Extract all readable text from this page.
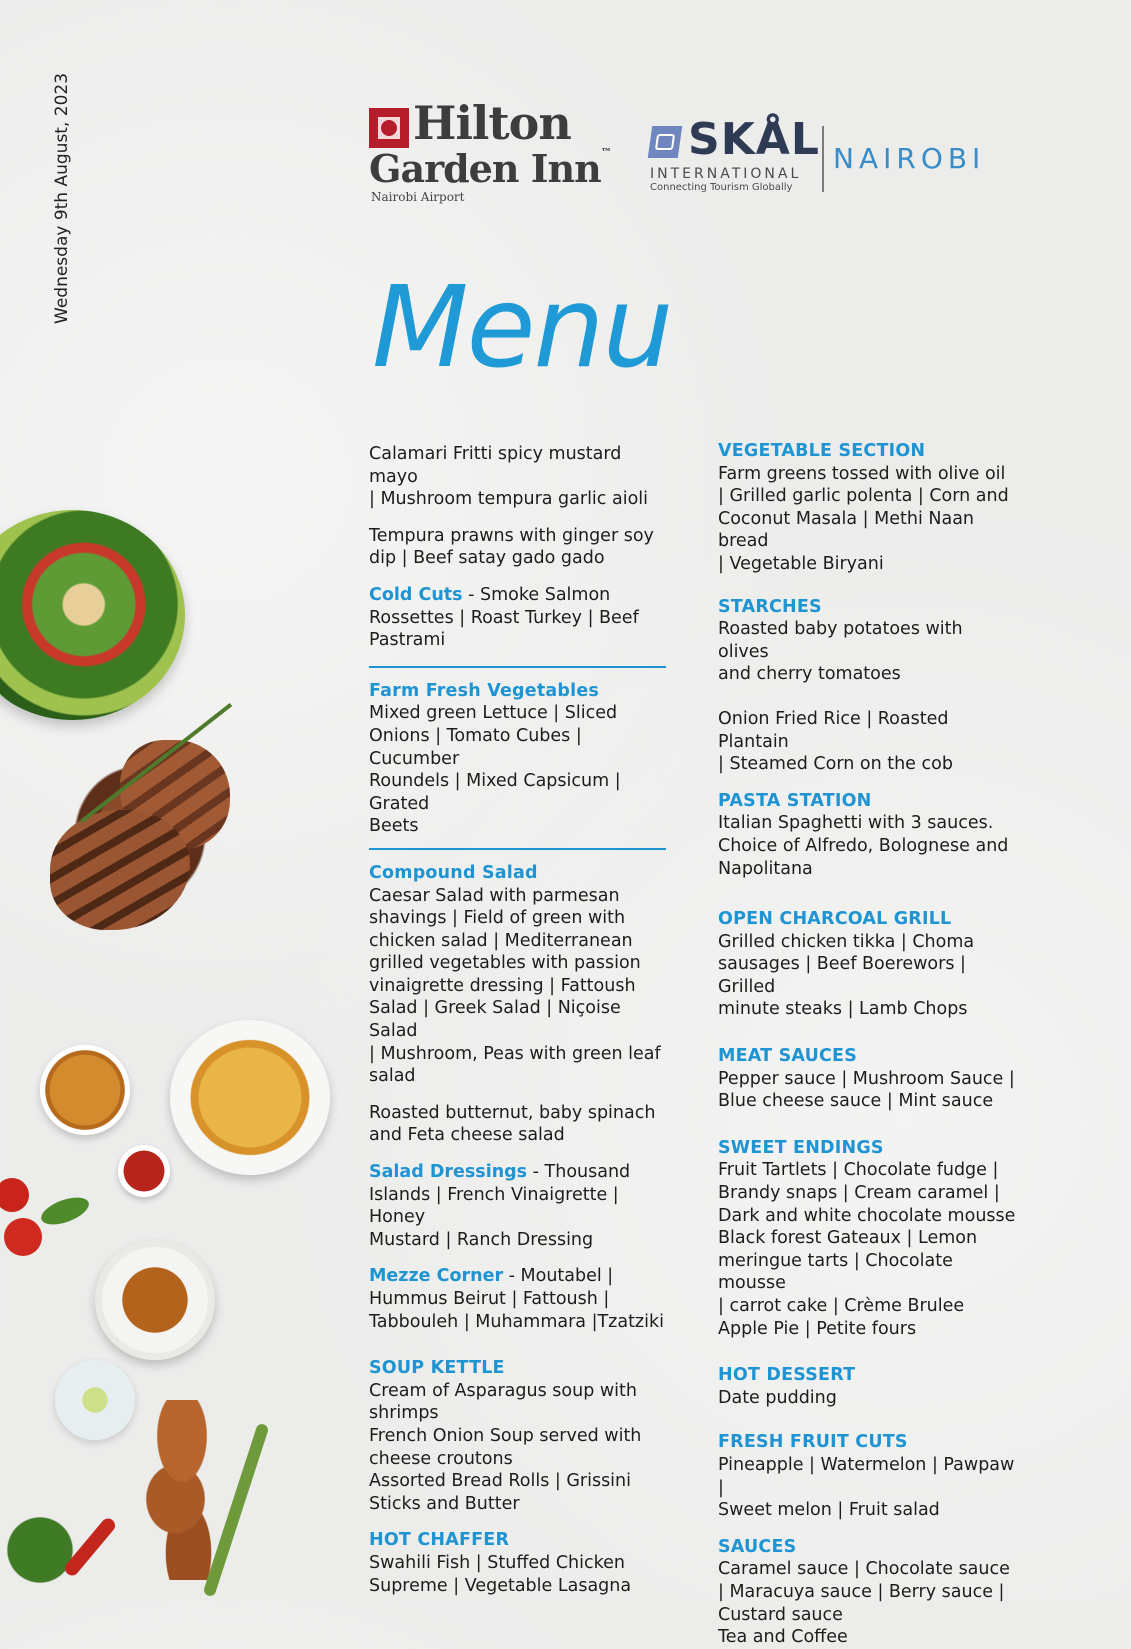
Wednesday 9th August, 2023	Hilton
Garden Inn™
Nairobi Airport
SKÅL
INTERNATIONAL
Connecting Tourism Globally
NAIROBI
Menu
Calamari Fritti spicy mustard mayo
| Mushroom tempura garlic aioli
Tempura prawns with ginger soy
dip | Beef satay gado gado
Cold Cuts - Smoke Salmon
Rossettes | Roast Turkey | Beef
Pastrami
Farm Fresh Vegetables
Mixed green Lettuce | Sliced
Onions | Tomato Cubes | Cucumber
Roundels | Mixed Capsicum | Grated
Beets
Compound Salad
Caesar Salad with parmesan
shavings | Field of green with
chicken salad | Mediterranean
grilled vegetables with passion
vinaigrette dressing | Fattoush
Salad | Greek Salad | Niçoise Salad
| Mushroom, Peas with green leaf
salad
Roasted butternut, baby spinach
and Feta cheese salad
Salad Dressings - Thousand
Islands | French Vinaigrette | Honey
Mustard | Ranch Dressing
Mezze Corner - Moutabel |
Hummus Beirut | Fattoush |
Tabbouleh | Muhammara |Tzatziki
SOUP KETTLE
Cream of Asparagus soup with
shrimps
French Onion Soup served with
cheese croutons
Assorted Bread Rolls | Grissini
Sticks and Butter
HOT CHAFFER
Swahili Fish | Stuffed Chicken
Supreme | Vegetable Lasagna
VEGETABLE SECTION
Farm greens tossed with olive oil
| Grilled garlic polenta | Corn and
Coconut Masala | Methi Naan bread
| Vegetable Biryani
STARCHES
Roasted baby potatoes with olives
and cherry tomatoes
Onion Fried Rice | Roasted Plantain
| Steamed Corn on the cob
PASTA STATION
Italian Spaghetti with 3 sauces.
Choice of Alfredo, Bolognese and
Napolitana
OPEN CHARCOAL GRILL
Grilled chicken tikka | Choma
sausages | Beef Boerewors | Grilled
minute steaks | Lamb Chops
MEAT SAUCES
Pepper sauce | Mushroom Sauce |
Blue cheese sauce | Mint sauce
SWEET ENDINGS
Fruit Tartlets | Chocolate fudge |
Brandy snaps | Cream caramel |
Dark and white chocolate mousse
Black forest Gateaux | Lemon
meringue tarts | Chocolate mousse
| carrot cake | Crème Brulee
Apple Pie | Petite fours
HOT DESSERT
Date pudding
FRESH FRUIT CUTS
Pineapple | Watermelon | Pawpaw |
Sweet melon | Fruit salad
SAUCES
Caramel sauce | Chocolate sauce
| Maracuya sauce | Berry sauce |
Custard sauce
Tea and Coffee
